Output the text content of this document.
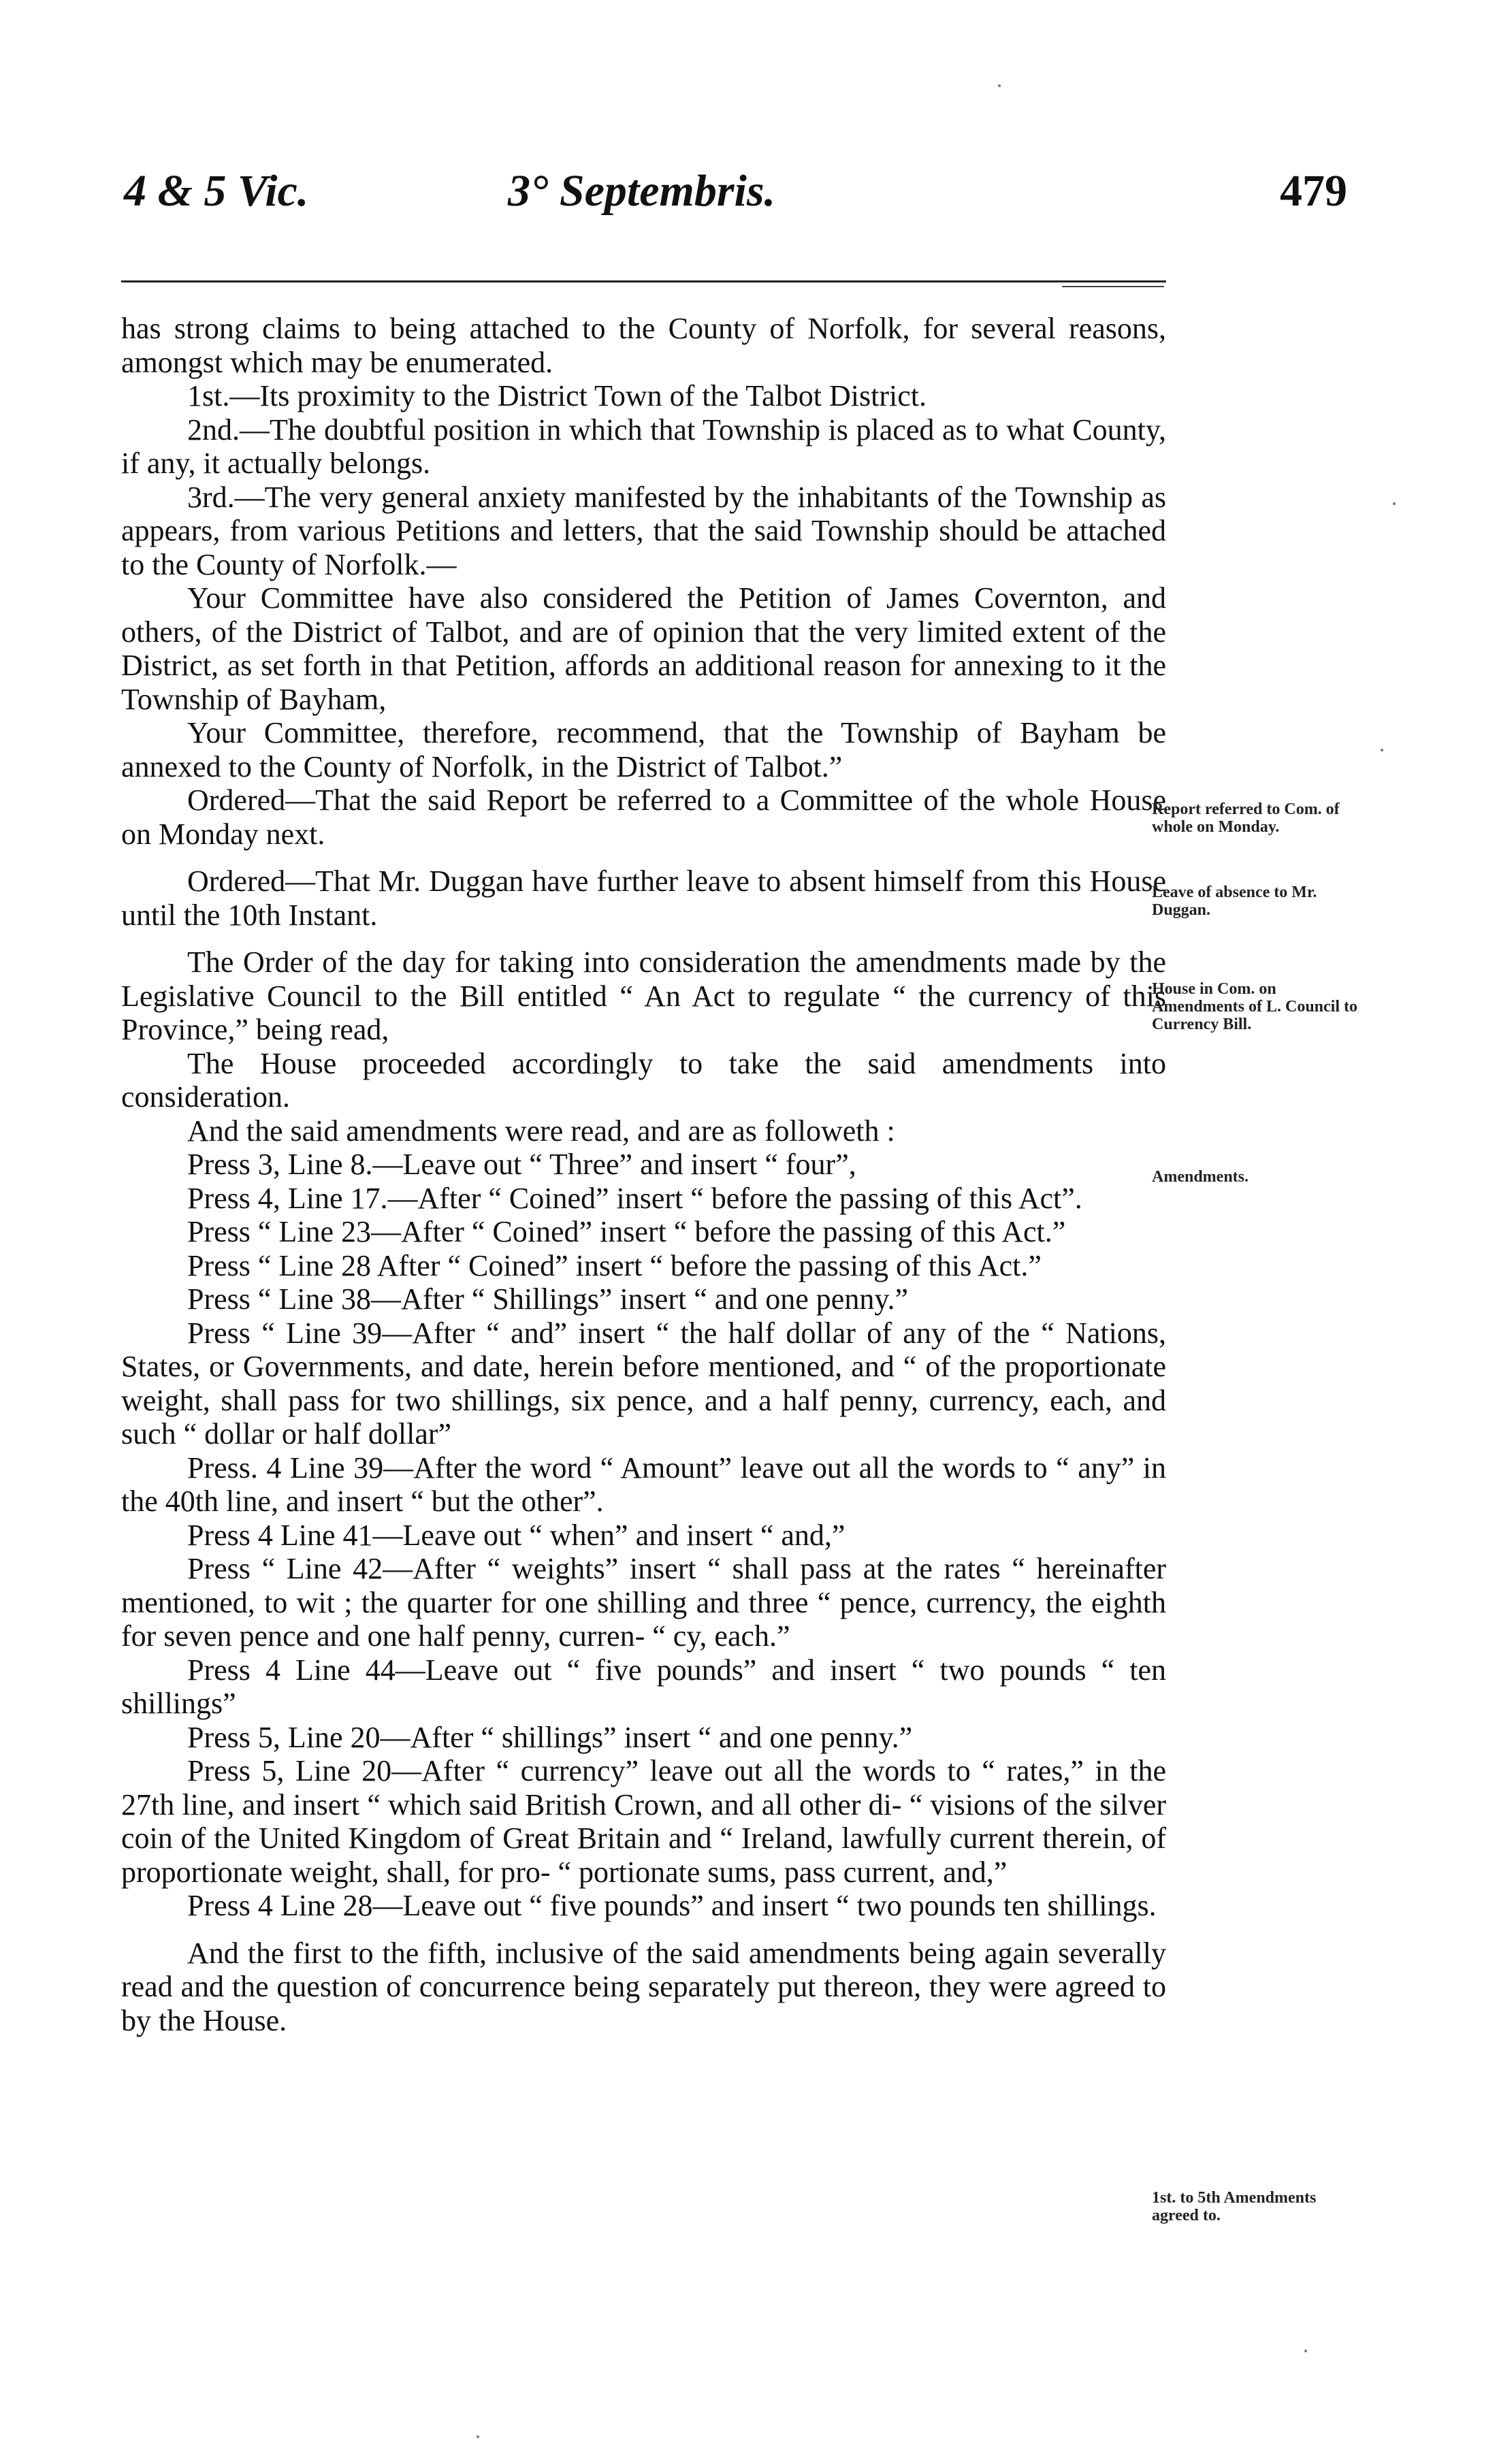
4 & 5 Vic.	3° Septembris.	479

has strong claims to being attached to the County of Norfolk, for several reasons, amongst which may be enumerated.

1st.—Its proximity to the District Town of the Talbot District.

2nd.—The doubtful position in which that Township is placed as to what County, if any, it actually belongs.

3rd.—The very general anxiety manifested by the inhabitants of the Township as appears, from various Petitions and letters, that the said Township should be attached to the County of Norfolk.—

Your Committee have also considered the Petition of James Covernton, and others, of the District of Talbot, and are of opinion that the very limited extent of the District, as set forth in that Petition, affords an additional reason for annexing to it the Township of Bayham,

Your Committee, therefore, recommend, that the Township of Bayham be annexed to the County of Norfolk, in the District of Talbot.”

Ordered—That the said Report be referred to a Committee of the whole House on Monday next.

Ordered—That Mr. Duggan have further leave to absent himself from this House until the 10th Instant.

The Order of the day for taking into consideration the amendments made by the Legislative Council to the Bill entitled “ An Act to regulate “ the currency of this Province,” being read,

The House proceeded accordingly to take the said amendments into consideration.

And the said amendments were read, and are as followeth :

Press 3, Line 8.—Leave out “ Three” and insert “ four”,

Press 4, Line 17.—After “ Coined” insert “ before the passing of this Act”.

Press “ Line 23—After “ Coined” insert “ before the passing of this Act.”

Press “ Line 28 After “ Coined” insert “ before the passing of this Act.”

Press “ Line 38—After “ Shillings” insert “ and one penny.”

Press “ Line 39—After “ and” insert “ the half dollar of any of the “ Nations, States, or Governments, and date, herein before mentioned, and “ of the proportionate weight, shall pass for two shillings, six pence, and a half penny, currency, each, and such “ dollar or half dollar”

Press. 4 Line 39—After the word “ Amount” leave out all the words to “ any” in the 40th line, and insert “ but the other”.

Press 4 Line 41—Leave out “ when” and insert “ and,”

Press “ Line 42—After “ weights” insert “ shall pass at the rates “ hereinafter mentioned, to wit ; the quarter for one shilling and three “ pence, currency, the eighth for seven pence and one half penny, curren- “ cy, each.”

Press 4 Line 44—Leave out “ five pounds” and insert “ two pounds “ ten shillings”

Press 5, Line 20—After “ shillings” insert “ and one penny.”

Press 5, Line 20—After “ currency” leave out all the words to “ rates,” in the 27th line, and insert “ which said British Crown, and all other di- “ visions of the silver coin of the United Kingdom of Great Britain and “ Ireland, lawfully current therein, of proportionate weight, shall, for pro- “ portionate sums, pass current, and,”

Press 4 Line 28—Leave out “ five pounds” and insert “ two pounds ten shillings.

And the first to the fifth, inclusive of the said amendments being again severally read and the question of concurrence being separately put thereon, they were agreed to by the House.

Report referred to Com. of whole on Monday.
Leave of absence to Mr. Duggan.
House in Com. on Amendments of L. Council to Currency Bill.
Amendments.
1st. to 5th Amendments agreed to.
